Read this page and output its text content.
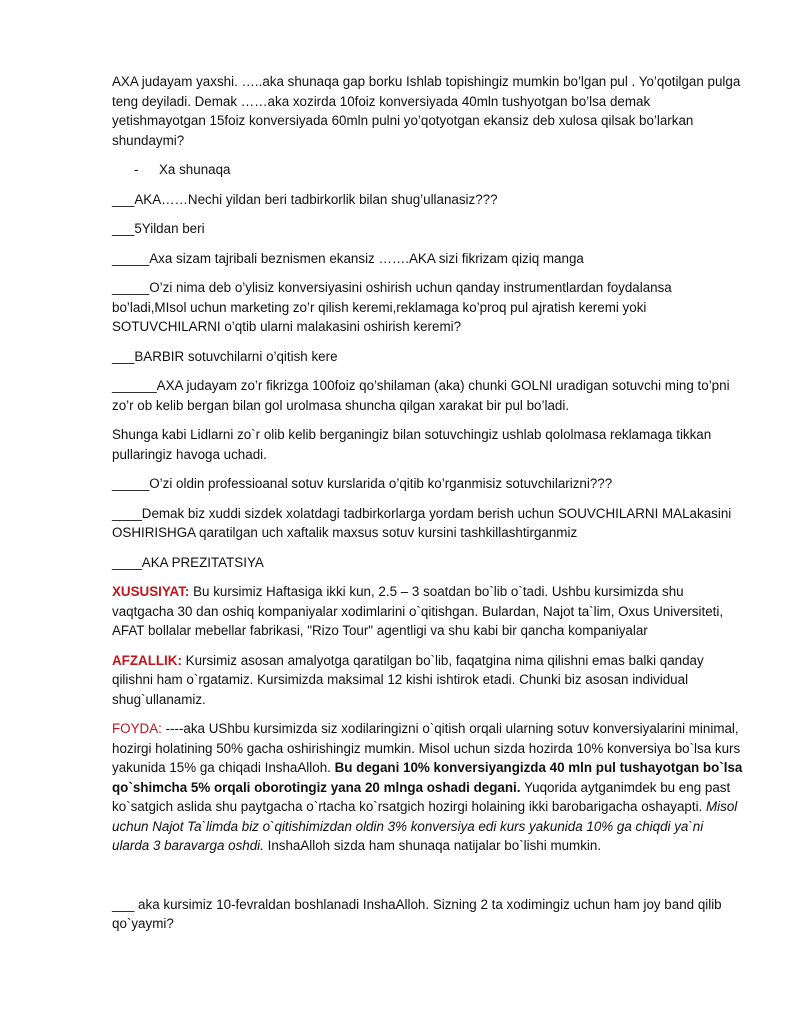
AXA judayam yaxshi. …..aka shunaqa gap borku Ishlab topishingiz mumkin bo’lgan pul . Yo’qotilgan pulga teng deyiladi. Demak ……aka xozirda 10foiz konversiyada 40mln tushyotgan bo’lsa demak yetishmayotgan 15foiz konversiyada 60mln pulni yo’qotyotgan ekansiz deb xulosa qilsak bo’larkan shundaymi?

- Xa shunaqa

___AKA……Nechi yildan beri tadbirkorlik bilan shug’ullanasiz???

___5Yildan beri

_____Axa sizam tajribali beznismen ekansiz …….AKA sizi fikrizam qiziq manga

_____O’zi nima deb o’ylisiz konversiyasini oshirish uchun qanday instrumentlardan foydalansa bo’ladi,MIsol uchun marketing zo’r qilish keremi,reklamaga ko’proq pul ajratish keremi yoki SOTUVCHILARNI o’qtib ularni malakasini oshirish keremi?

___BARBIR sotuvchilarni o’qitish kere

______AXA judayam zo’r fikrizga 100foiz qo’shilaman (aka) chunki GOLNI uradigan sotuvchi ming to’pni zo’r ob kelib bergan bilan gol urolmasa shuncha qilgan xarakat bir pul bo’ladi.

Shunga kabi Lidlarni zo`r olib kelib berganingiz bilan sotuvchingiz ushlab qololmasa reklamaga tikkan pullaringiz havoga uchadi.

_____O’zi oldin professioanal sotuv kurslarida o’qitib ko’rganmisiz sotuvchilarizni???

____Demak biz xuddi sizdek xolatdagi tadbirkorlarga yordam berish uchun SOUVCHILARNI MALakasini OSHIRISHGA qaratilgan uch xaftalik maxsus sotuv kursini tashkillashtirganmiz

____AKA PREZITATSIYA

XUSUSIYAT: Bu kursimiz Haftasiga ikki kun, 2.5 – 3 soatdan bo`lib o`tadi. Ushbu kursimizda shu vaqtgacha 30 dan oshiq kompaniyalar xodimlarini o`qitishgan. Bulardan, Najot ta`lim, Oxus Universiteti, AFAT bollalar mebellar fabrikasi, "Rizo Tour" agentligi va shu kabi bir qancha kompaniyalar

AFZALLIK: Kursimiz asosan amalyotga qaratilgan bo`lib, faqatgina nima qilishni emas balki qanday qilishni ham o`rgatamiz. Kursimizda maksimal 12 kishi ishtirok etadi. Chunki biz asosan individual shug`ullanamiz.

FOYDA: ----aka UShbu kursimizda siz xodilaringizni o`qitish orqali ularning sotuv konversiyalarini minimal, hozirgi holatining 50% gacha oshirishingiz mumkin. Misol uchun sizda hozirda 10% konversiya bo`lsa kurs yakunida 15% ga chiqadi InshaAlloh. Bu degani 10% konversiyangizda 40 mln pul tushayotgan bo`lsa qo`shimcha 5% orqali oborotingiz yana 20 mlnga oshadi degani. Yuqorida aytganimdek bu eng past ko`satgich aslida shu paytgacha o`rtacha ko`rsatgich hozirgi holaining ikki barobarigacha oshayapti. Misol uchun Najot Ta`limda biz o`qitishimizdan oldin 3% konversiya edi kurs yakunida 10% ga chiqdi ya`ni ularda 3 baravarga oshdi. InshaAlloh sizda ham shunaqa natijalar bo`lishi mumkin.

___ aka kursimiz 10-fevraldan boshlanadi InshaAlloh. Sizning 2 ta xodimingiz uchun ham joy band qilib qo`yaymi?
